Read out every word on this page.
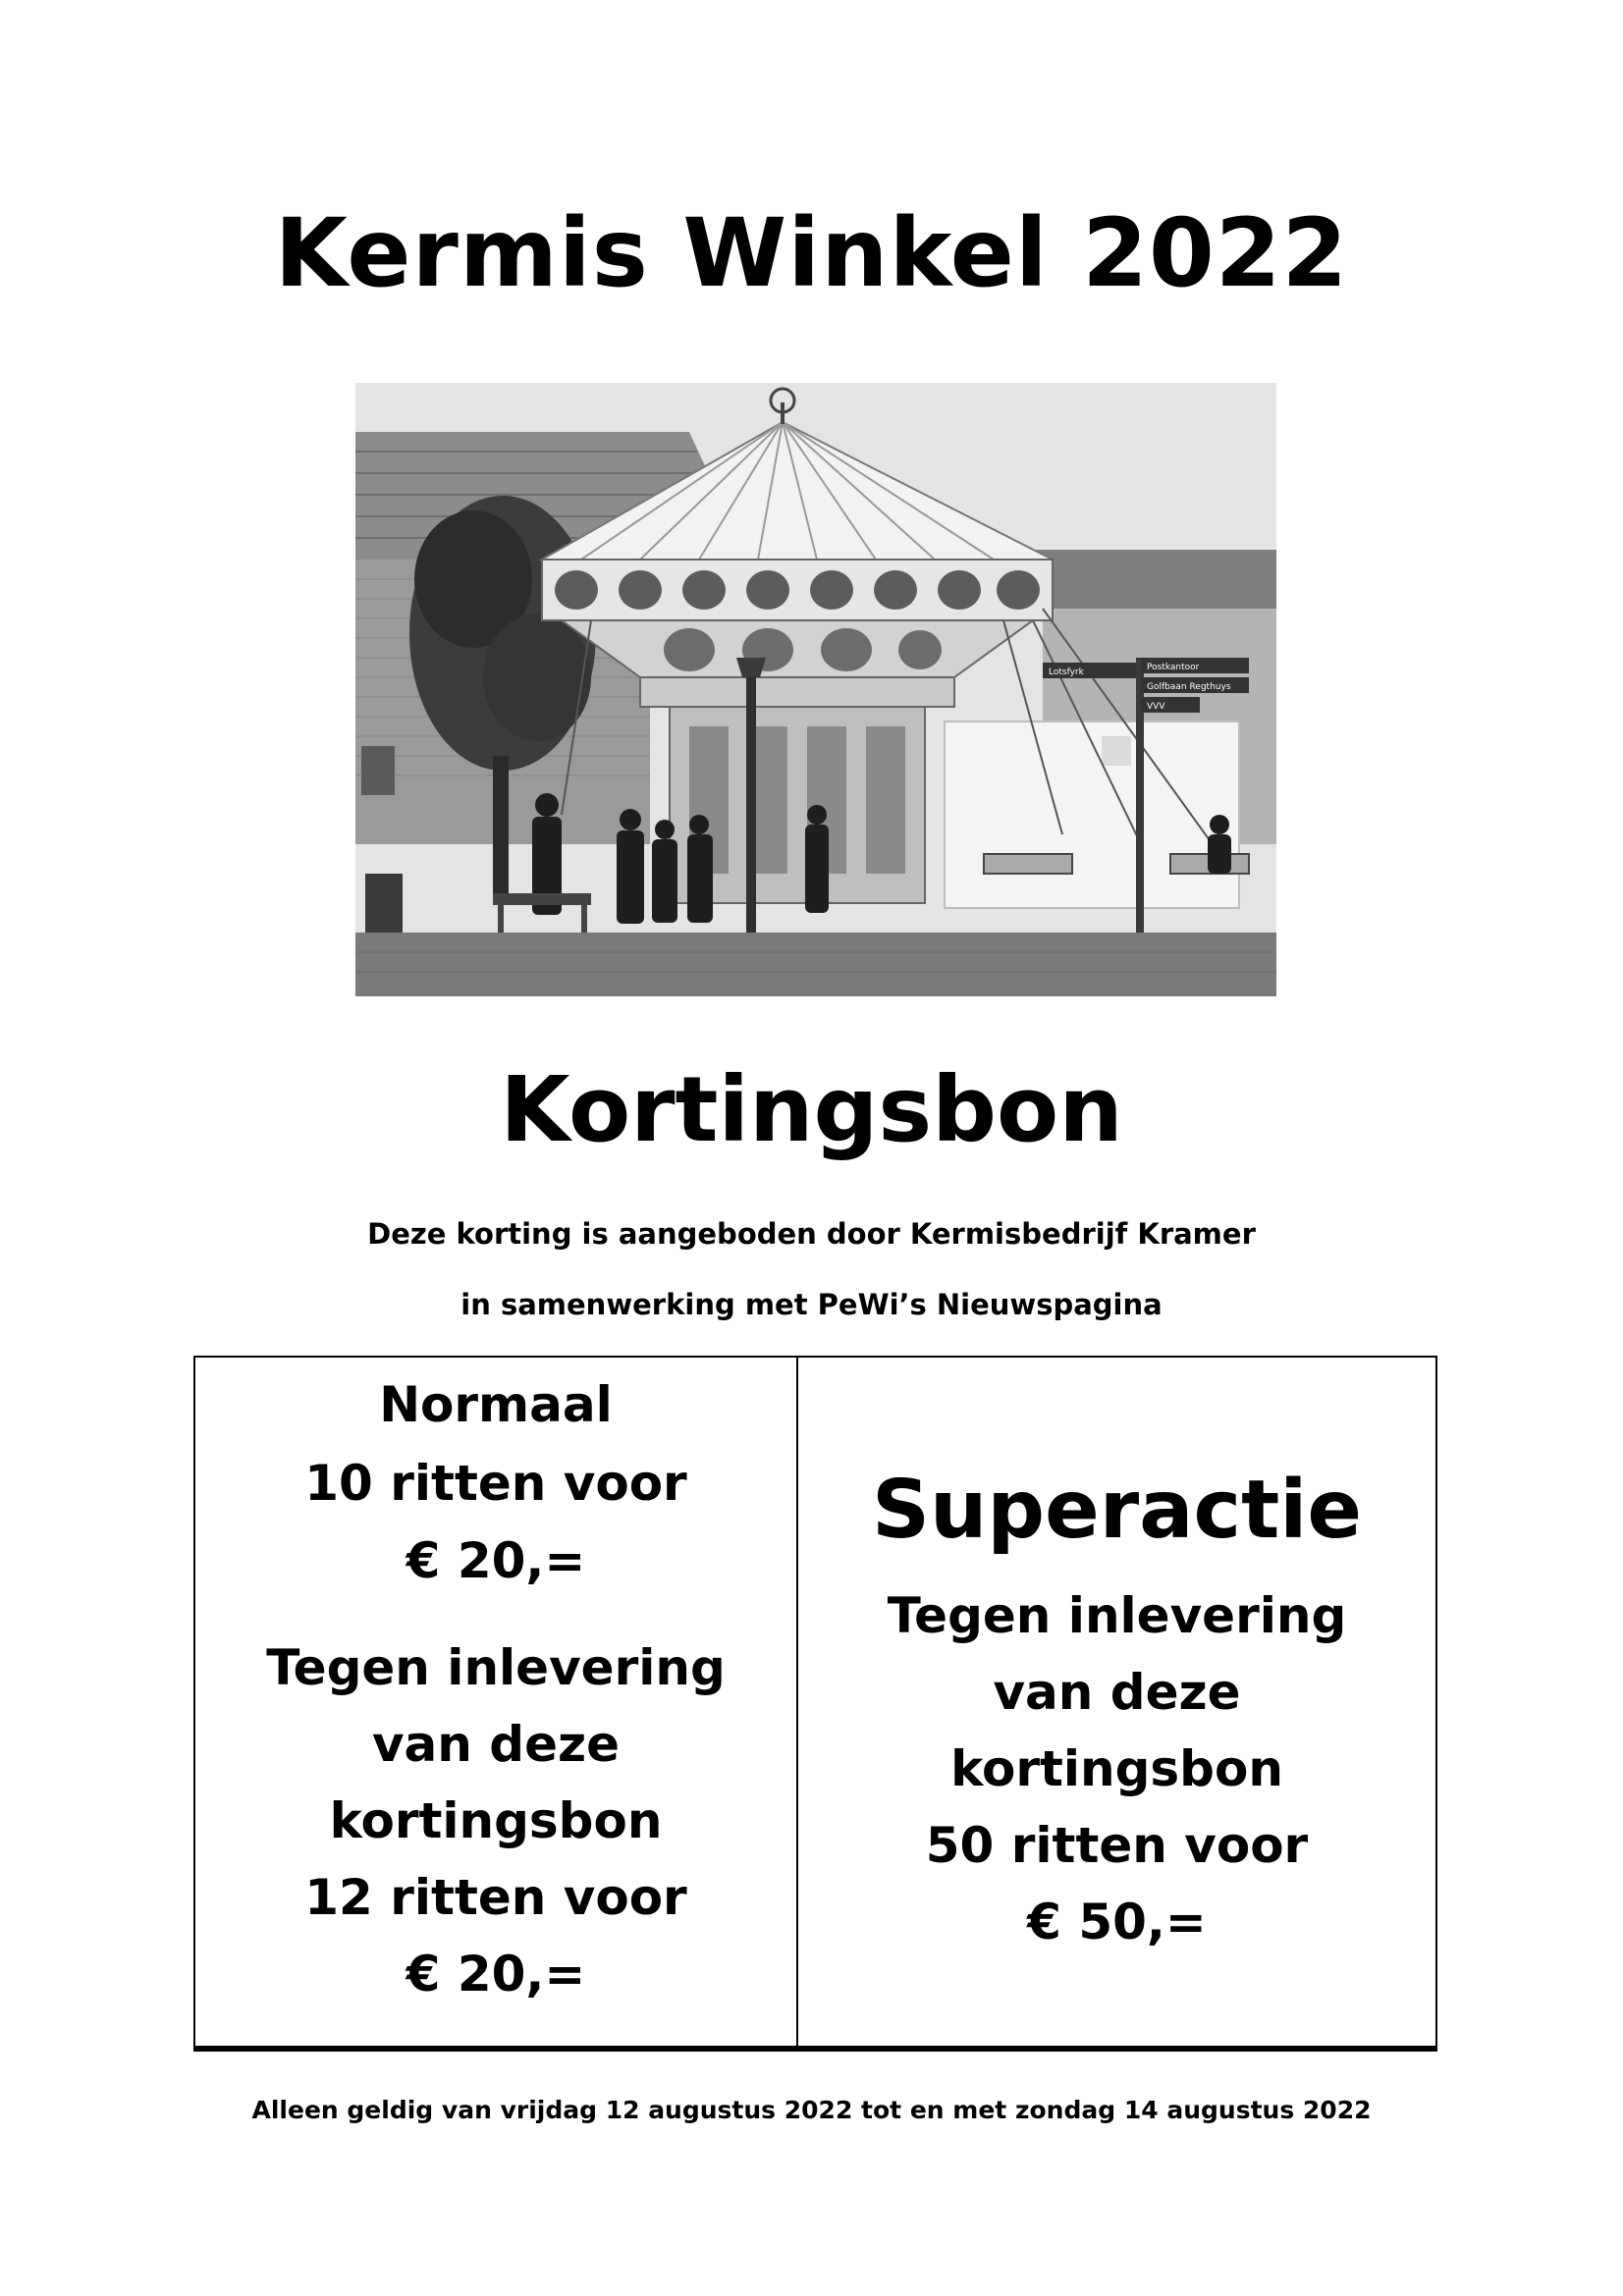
Kermis Winkel 2022
Postkantoor
Golfbaan Regthuys
VVV
Lotsfyrk
Kortingsbon
Deze korting is aangeboden door Kermisbedrijf Kramer
in samenwerking met PeWi’s Nieuwspagina
Normaal
10 ritten voor
€ 20,=
Tegen inlevering
van deze
kortingsbon
12 ritten voor
€ 20,=
Superactie
Tegen inlevering
van deze
kortingsbon
50 ritten voor
€ 50,=
Alleen geldig van vrijdag 12 augustus 2022 tot en met zondag 14 augustus 2022
